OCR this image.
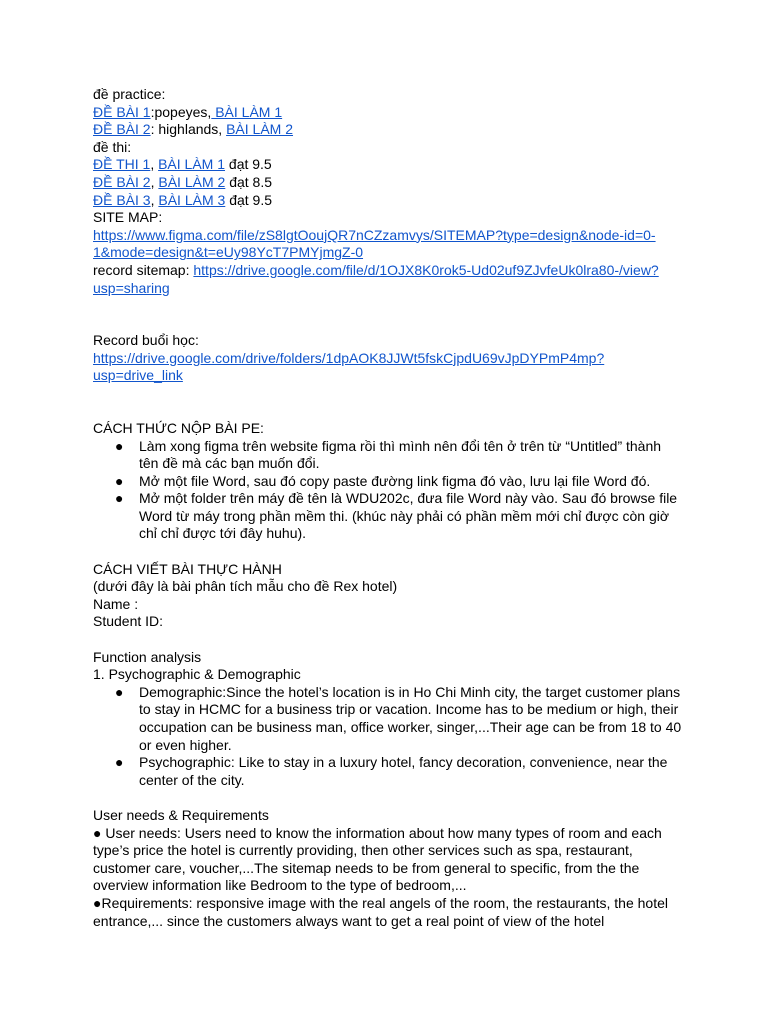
đề practice:
ĐỀ BÀI 1:popeyes, BÀI LÀM 1
ĐỀ BÀI 2: highlands, BÀI LÀM 2
đề thi:
ĐỀ THI 1, BÀI LÀM 1 đạt 9.5
ĐỀ BÀI 2, BÀI LÀM 2 đạt 8.5
ĐỀ BÀI 3, BÀI LÀM 3 đạt 9.5
SITE MAP:
https://www.figma.com/file/zS8lgtOoujQR7nCZzamvys/SITEMAP?type=design&node-id=0-
1&mode=design&t=eUy98YcT7PMYjmgZ-0
record sitemap: https://drive.google.com/file/d/1OJX8K0rok5-Ud02uf9ZJvfeUk0lra80-/view?
usp=sharing
Record buổi học:
https://drive.google.com/drive/folders/1dpAOK8JJWt5fskCjpdU69vJpDYPmP4mp?
usp=drive_link
CÁCH THỨC NỘP BÀI PE:
● Làm xong figma trên website figma rồi thì mình nên đổi tên ở trên từ “Untitled” thành tên đề mà các bạn muốn đổi.
● Mở một file Word, sau đó copy paste đường link figma đó vào, lưu lại file Word đó.
● Mở một folder trên máy đề tên là WDU202c, đưa file Word này vào. Sau đó browse file Word từ máy trong phần mềm thi. (khúc này phải có phần mềm mới chỉ được còn giờ chỉ chỉ được tới đây huhu).
CÁCH VIẾT BÀI THỰC HÀNH
(dưới đây là bài phân tích mẫu cho đề Rex hotel)
Name :
Student ID:
Function analysis
1. Psychographic & Demographic
● Demographic:Since the hotel’s location is in Ho Chi Minh city, the target customer plans to stay in HCMC for a business trip or vacation. Income has to be medium or high, their occupation can be business man, office worker, singer,...Their age can be from 18 to 40 or even higher.
● Psychographic: Like to stay in a luxury hotel, fancy decoration, convenience, near the center of the city.
User needs & Requirements
● User needs: Users need to know the information about how many types of room and each type’s price the hotel is currently providing, then other services such as spa, restaurant, customer care, voucher,...The sitemap needs to be from general to specific, from the the overview information like Bedroom to the type of bedroom,...
●Requirements: responsive image with the real angels of the room, the restaurants, the hotel entrance,... since the customers always want to get a real point of view of the hotel
